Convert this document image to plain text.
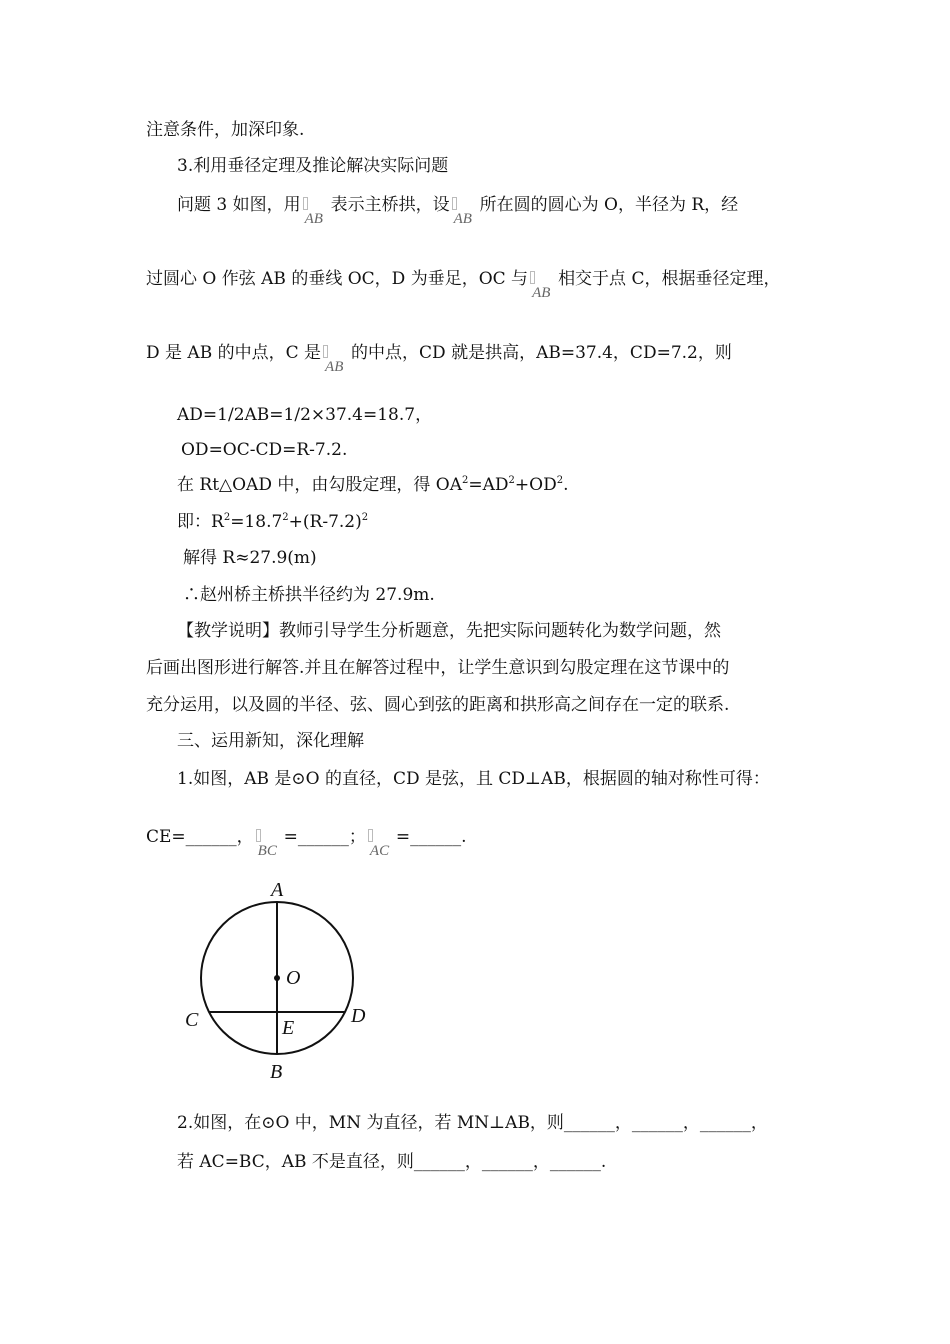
注意条件，加深印象.
3.利用垂径定理及推论解决实际问题
问题 3 如图，用
AB
表示主桥拱，设
AB
所在圆的圆心为 O，半径为 R，经
过圆心 O 作弦 AB 的垂线 OC，D 为垂足，OC 与
AB
相交于点 C，根据垂径定理，
D 是 AB 的中点，C 是
AB
的中点，CD 就是拱高，AB=37.4，CD=7.2，则
AD=1/2AB=1/2×37.4=18.7，
OD=OC-CD=R-7.2.
在 Rt△OAD 中，由勾股定理，得 $OA^2=AD^2+OD^2$.
即：$R^2=18.7^2+(R-7.2)^2$
解得 R≈27.9(m)
∴赵州桥主桥拱半径约为 27.9m.
【教学说明】教师引导学生分析题意，先把实际问题转化为数学问题，然
后画出图形进行解答.并且在解答过程中，让学生意识到勾股定理在这节课中的
充分运用，以及圆的半径、弦、圆心到弦的距离和拱形高之间存在一定的联系.
三、运用新知，深化理解
1.如图，AB 是⊙O 的直径，CD 是弦，且 CD⊥AB，根据圆的轴对称性可得：
CE=______，
BC
=______；
AC
=______.
A
B
C	D
E
O
2.如图，在⊙O 中，MN 为直径，若 MN⊥AB，则______，______，______，
若 AC=BC，AB 不是直径，则______，______，______.
